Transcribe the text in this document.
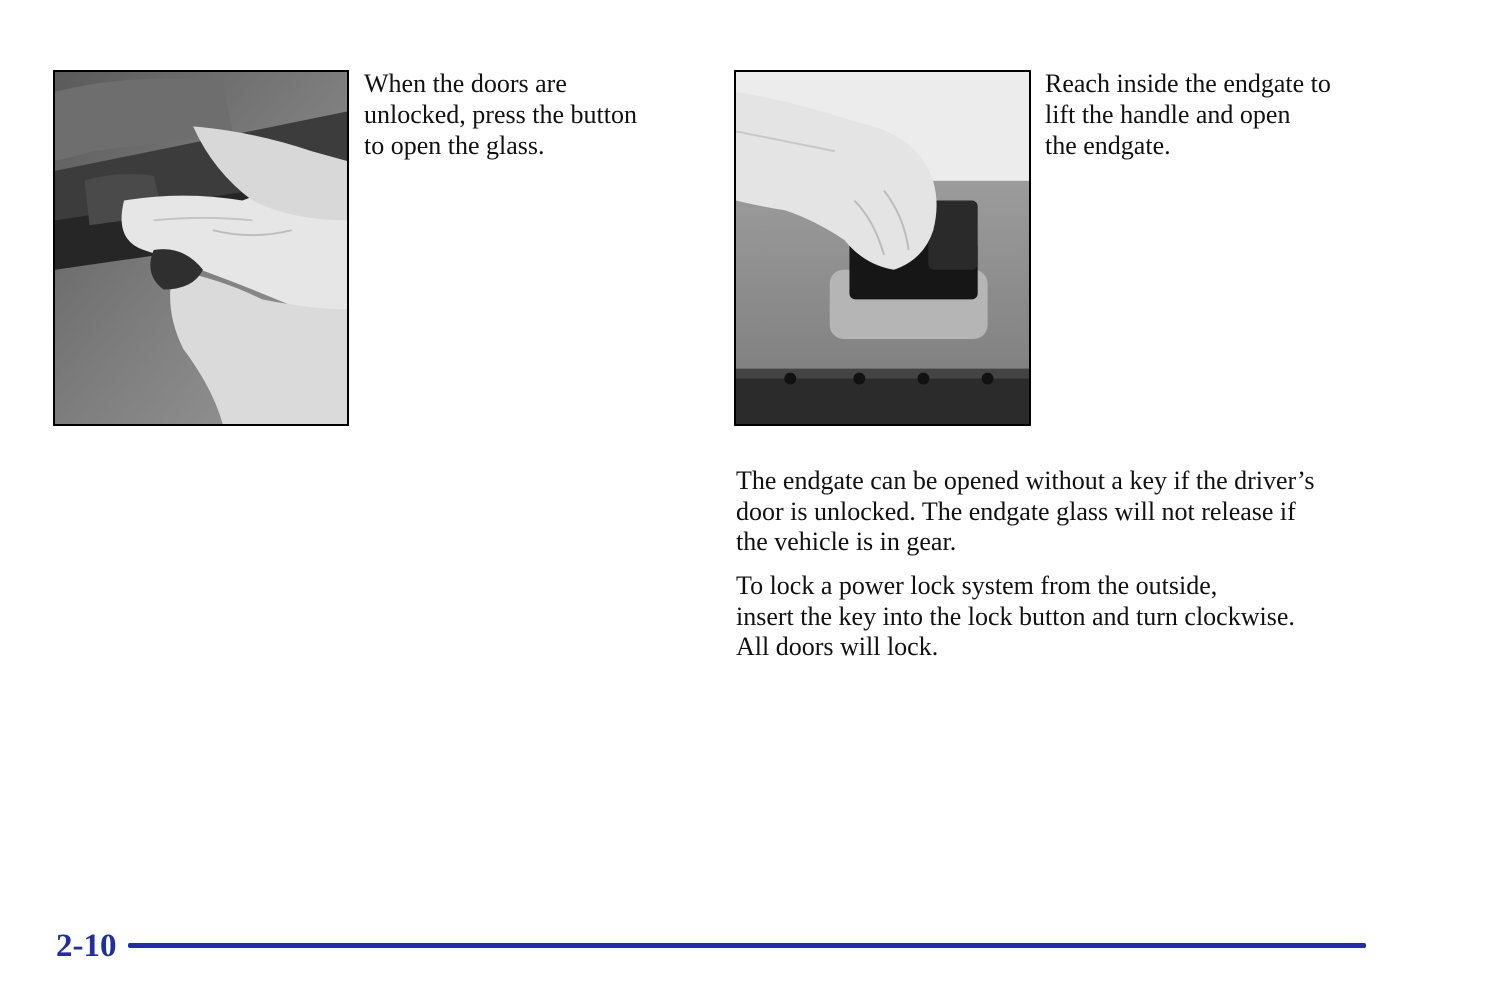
When the doors are
unlocked, press the button
to open the glass.

Reach inside the endgate to
lift the handle and open
the endgate.

The endgate can be opened without a key if the driver’s
door is unlocked. The endgate glass will not release if
the vehicle is in gear.

To lock a power lock system from the outside,
insert the key into the lock button and turn clockwise.
All doors will lock.

2-10
